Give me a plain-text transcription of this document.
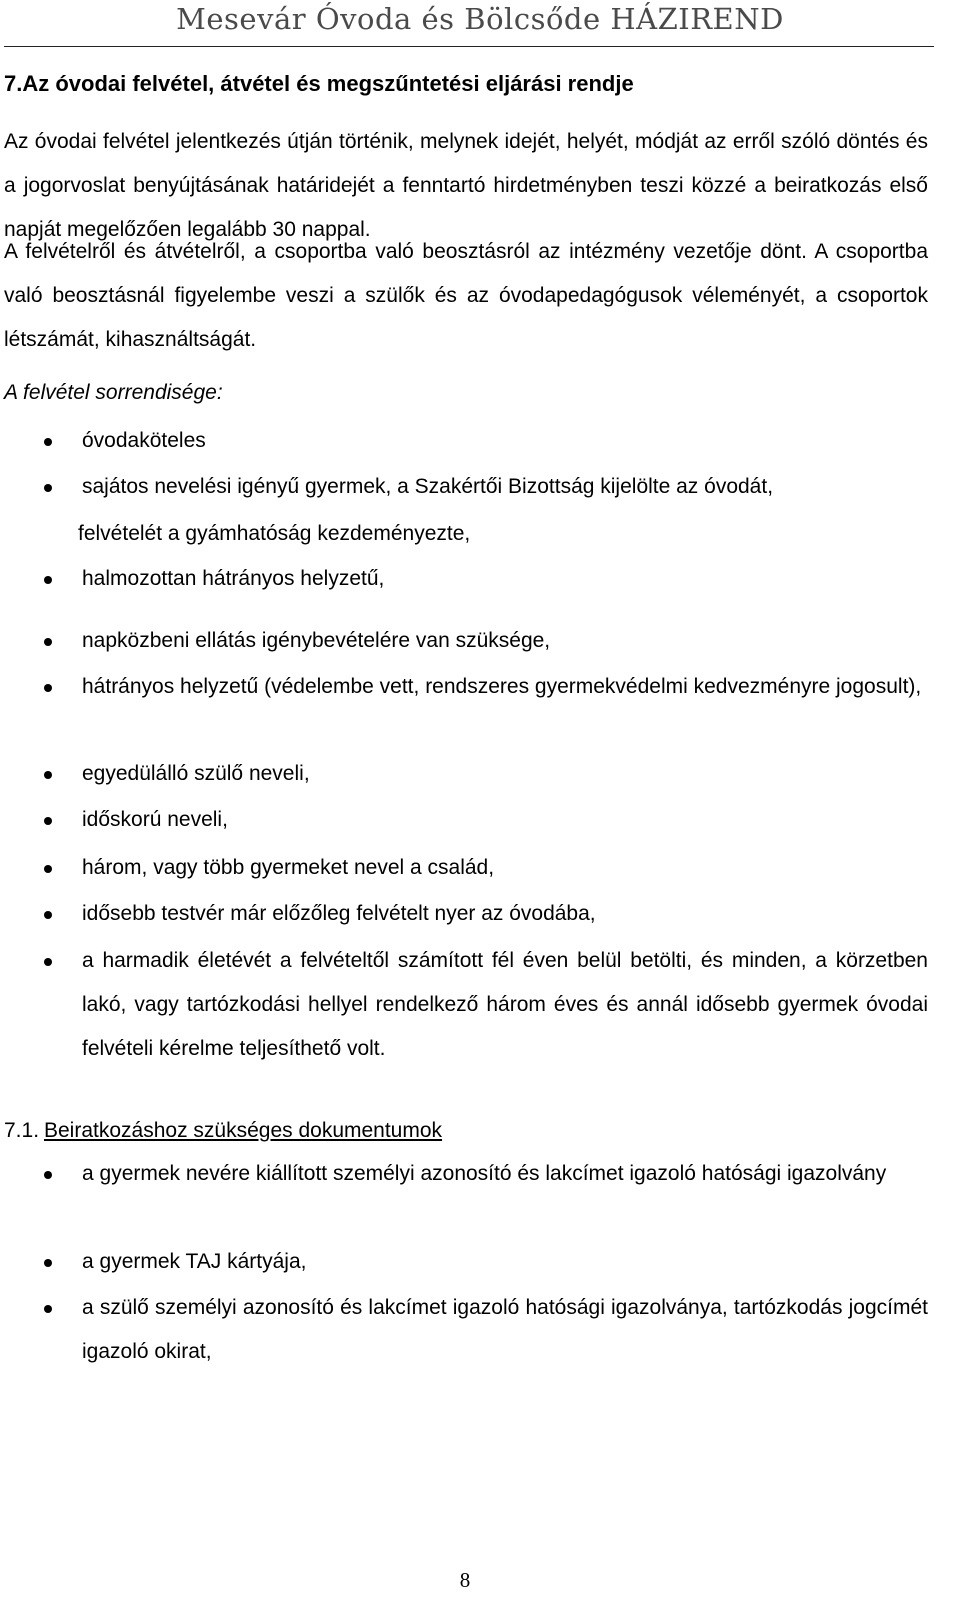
Mesevár Óvoda és Bölcsőde HÁZIREND
7.Az óvodai felvétel, átvétel és megszűntetési eljárási rendje

Az óvodai felvétel jelentkezés útján történik, melynek idejét, helyét, módját az erről szóló döntés és a jogorvoslat benyújtásának határidejét a fenntartó hirdetményben teszi közzé a beiratkozás első napját megelőzően legalább 30 nappal.

A felvételről és átvételről, a csoportba való beosztásról az intézmény vezetője dönt. A csoportba való beosztásnál figyelembe veszi a szülők és az óvodapedagógusok véleményét, a csoportok létszámát, kihasználtságát.

A felvétel sorrendisége:

óvodaköteles

sajátos nevelési igényű gyermek, a Szakértői Bizottság kijelölte az óvodát,

felvételét a gyámhatóság kezdeményezte,

halmozottan hátrányos helyzetű,

napközbeni ellátás igénybevételére van szüksége,

hátrányos helyzetű (védelembe vett, rendszeres gyermekvédelmi kedvezményre jogosult),

egyedülálló szülő neveli,

időskorú neveli,

három, vagy több gyermeket nevel a család,

idősebb testvér már előzőleg felvételt nyer az óvodába,

a harmadik életévét a felvételtől számított fél éven belül betölti, és minden, a körzetben lakó, vagy tartózkodási hellyel rendelkező három éves és annál idősebb gyermek óvodai felvételi kérelme teljesíthető volt.

7.1. Beiratkozáshoz szükséges dokumentumok

a gyermek nevére kiállított személyi azonosító és lakcímet igazoló hatósági igazolvány

a gyermek TAJ kártyája,

a szülő személyi azonosító és lakcímet igazoló hatósági igazolványa, tartózkodás jogcímét igazoló okirat,

8
